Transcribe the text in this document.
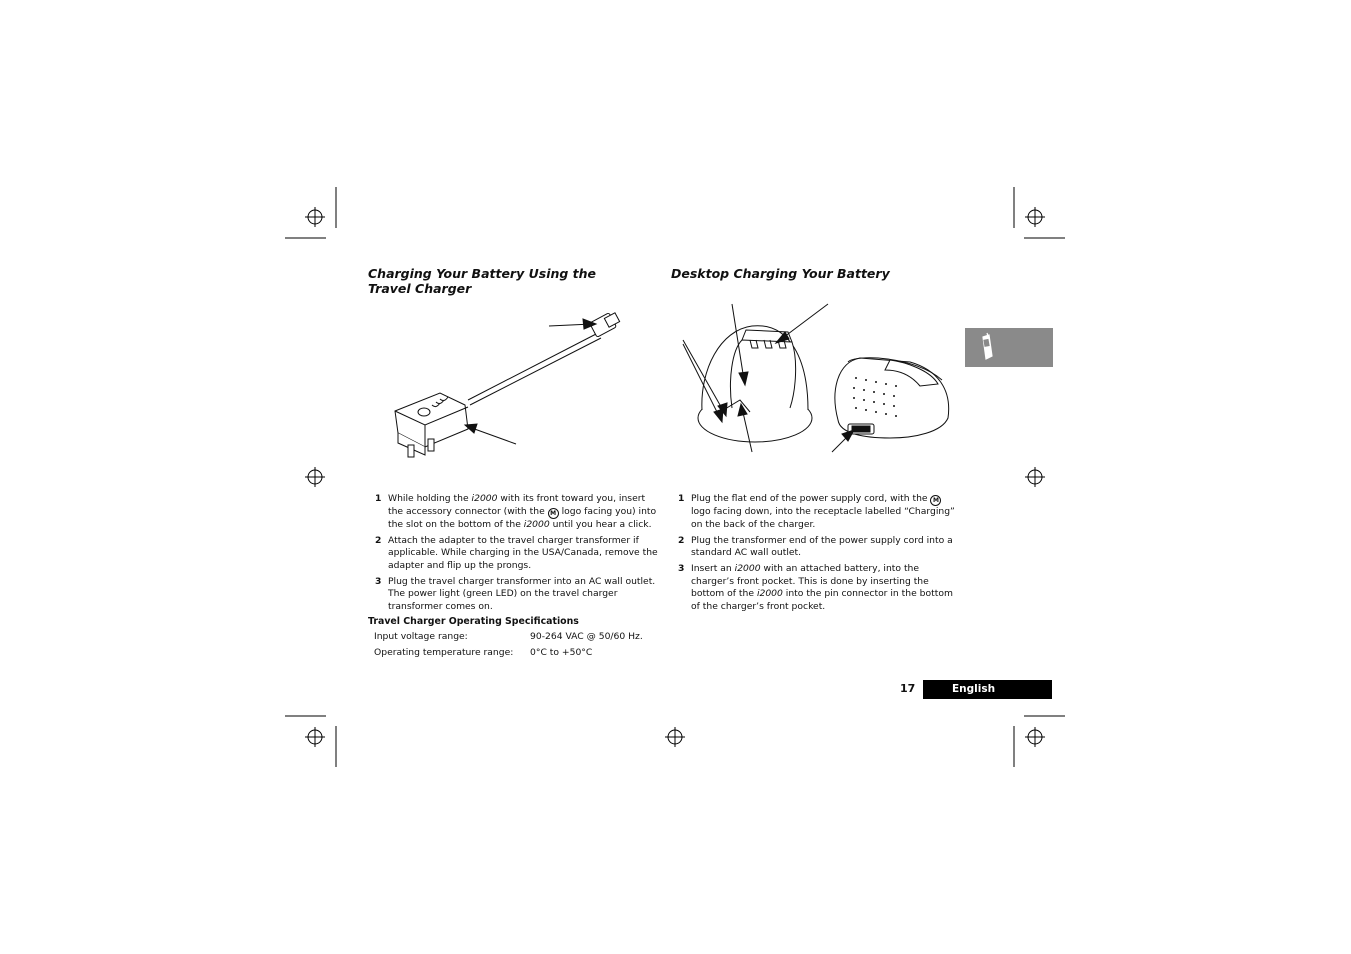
Charging Your Battery Using the Travel Charger
1 While holding the i2000 with its front toward you, insert the accessory connector (with the M logo facing you) into the slot on the bottom of the i2000 until you hear a click.
2 Attach the adapter to the travel charger transformer if applicable. While charging in the USA/Canada, remove the adapter and flip up the prongs.
3 Plug the travel charger transformer into an AC wall outlet. The power light (green LED) on the travel charger transformer comes on.
Travel Charger Operating Specifications
Input voltage range:	90-264 VAC @ 50/60 Hz.
Operating temperature range: 0°C to +50°C
Desktop Charging Your Battery
1 Plug the flat end of the power supply cord, with the M logo facing down, into the receptacle labelled “Charging” on the back of the charger.
2 Plug the transformer end of the power supply cord into a standard AC wall outlet.
3 Insert an i2000 with an attached battery, into the charger’s front pocket. This is done by inserting the bottom of the i2000 into the pin connector in the bottom of the charger’s front pocket.
17	English
